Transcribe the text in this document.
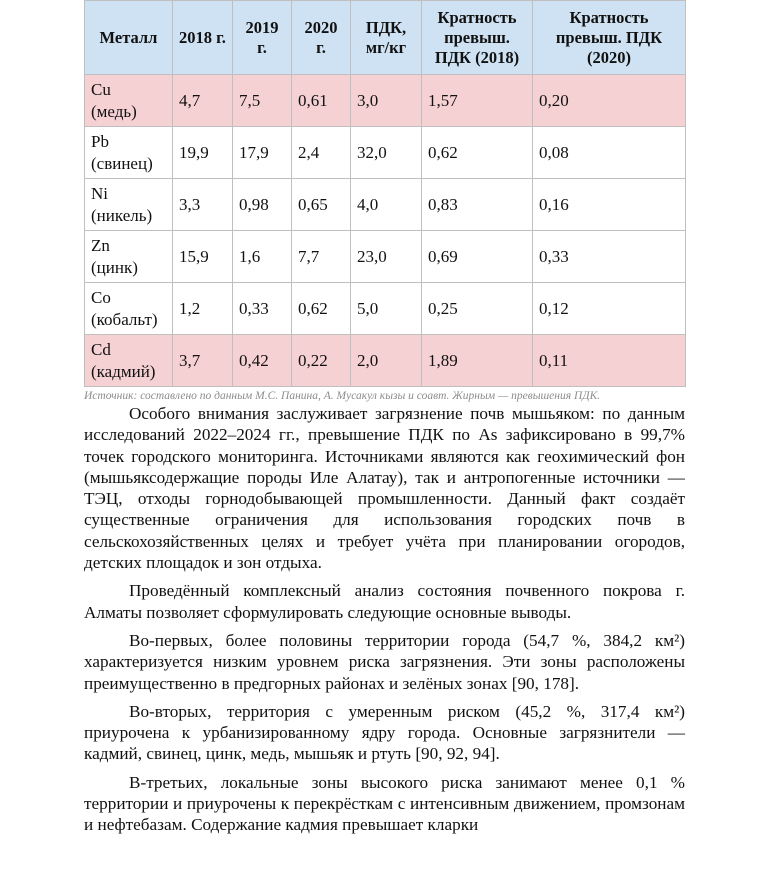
Металл	2018 г.	2019 г.	2020 г.	ПДК, мг/кг	Кратность превыш. ПДК (2018)	Кратность превыш. ПДК (2020)

Cu
(медь)	4,7	7,5	0,61	3,0	1,57	0,20

Pb
(свинец)	19,9	17,9	2,4	32,0	0,62	0,08

Ni
(никель)	3,3	0,98	0,65	4,0	0,83	0,16

Zn
(цинк)	15,9	1,6	7,7	23,0	0,69	0,33

Co
(кобальт)	1,2	0,33	0,62	5,0	0,25	0,12

Cd
(кадмий)	3,7	0,42	0,22	2,0	1,89	0,11
Источник: составлено по данным М.С. Панина, А. Мусакул кызы и соавт. Жирным — превышения ПДК.

Особого внимания заслуживает загрязнение почв мышьяком: по данным исследований 2022–2024 гг., превышение ПДК по As зафиксировано в 99,7% точек городского мониторинга. Источниками являются как геохимический фон (мышьяксодержащие породы Иле Алатау), так и антропогенные источники — ТЭЦ, отходы горнодобывающей промышленности. Данный факт создаёт существенные ограничения для использования городских почв в сельскохозяйственных целях и требует учёта при планировании огородов, детских площадок и зон отдыха.

Проведённый комплексный анализ состояния почвенного покрова г. Алматы позволяет сформулировать следующие основные выводы.

Во-первых, более половины территории города (54,7 %, 384,2 км²) характеризуется низким уровнем риска загрязнения. Эти зоны расположены преимущественно в предгорных районах и зелёных зонах [90, 178].

Во-вторых, территория с умеренным риском (45,2 %, 317,4 км²) приурочена к урбанизированному ядру города. Основные загрязнители — кадмий, свинец, цинк, медь, мышьяк и ртуть [90, 92, 94].

В-третьих, локальные зоны высокого риска занимают менее 0,1 % территории и приурочены к перекрёсткам с интенсивным движением, промзонам и нефтебазам. Содержание кадмия превышает кларки
